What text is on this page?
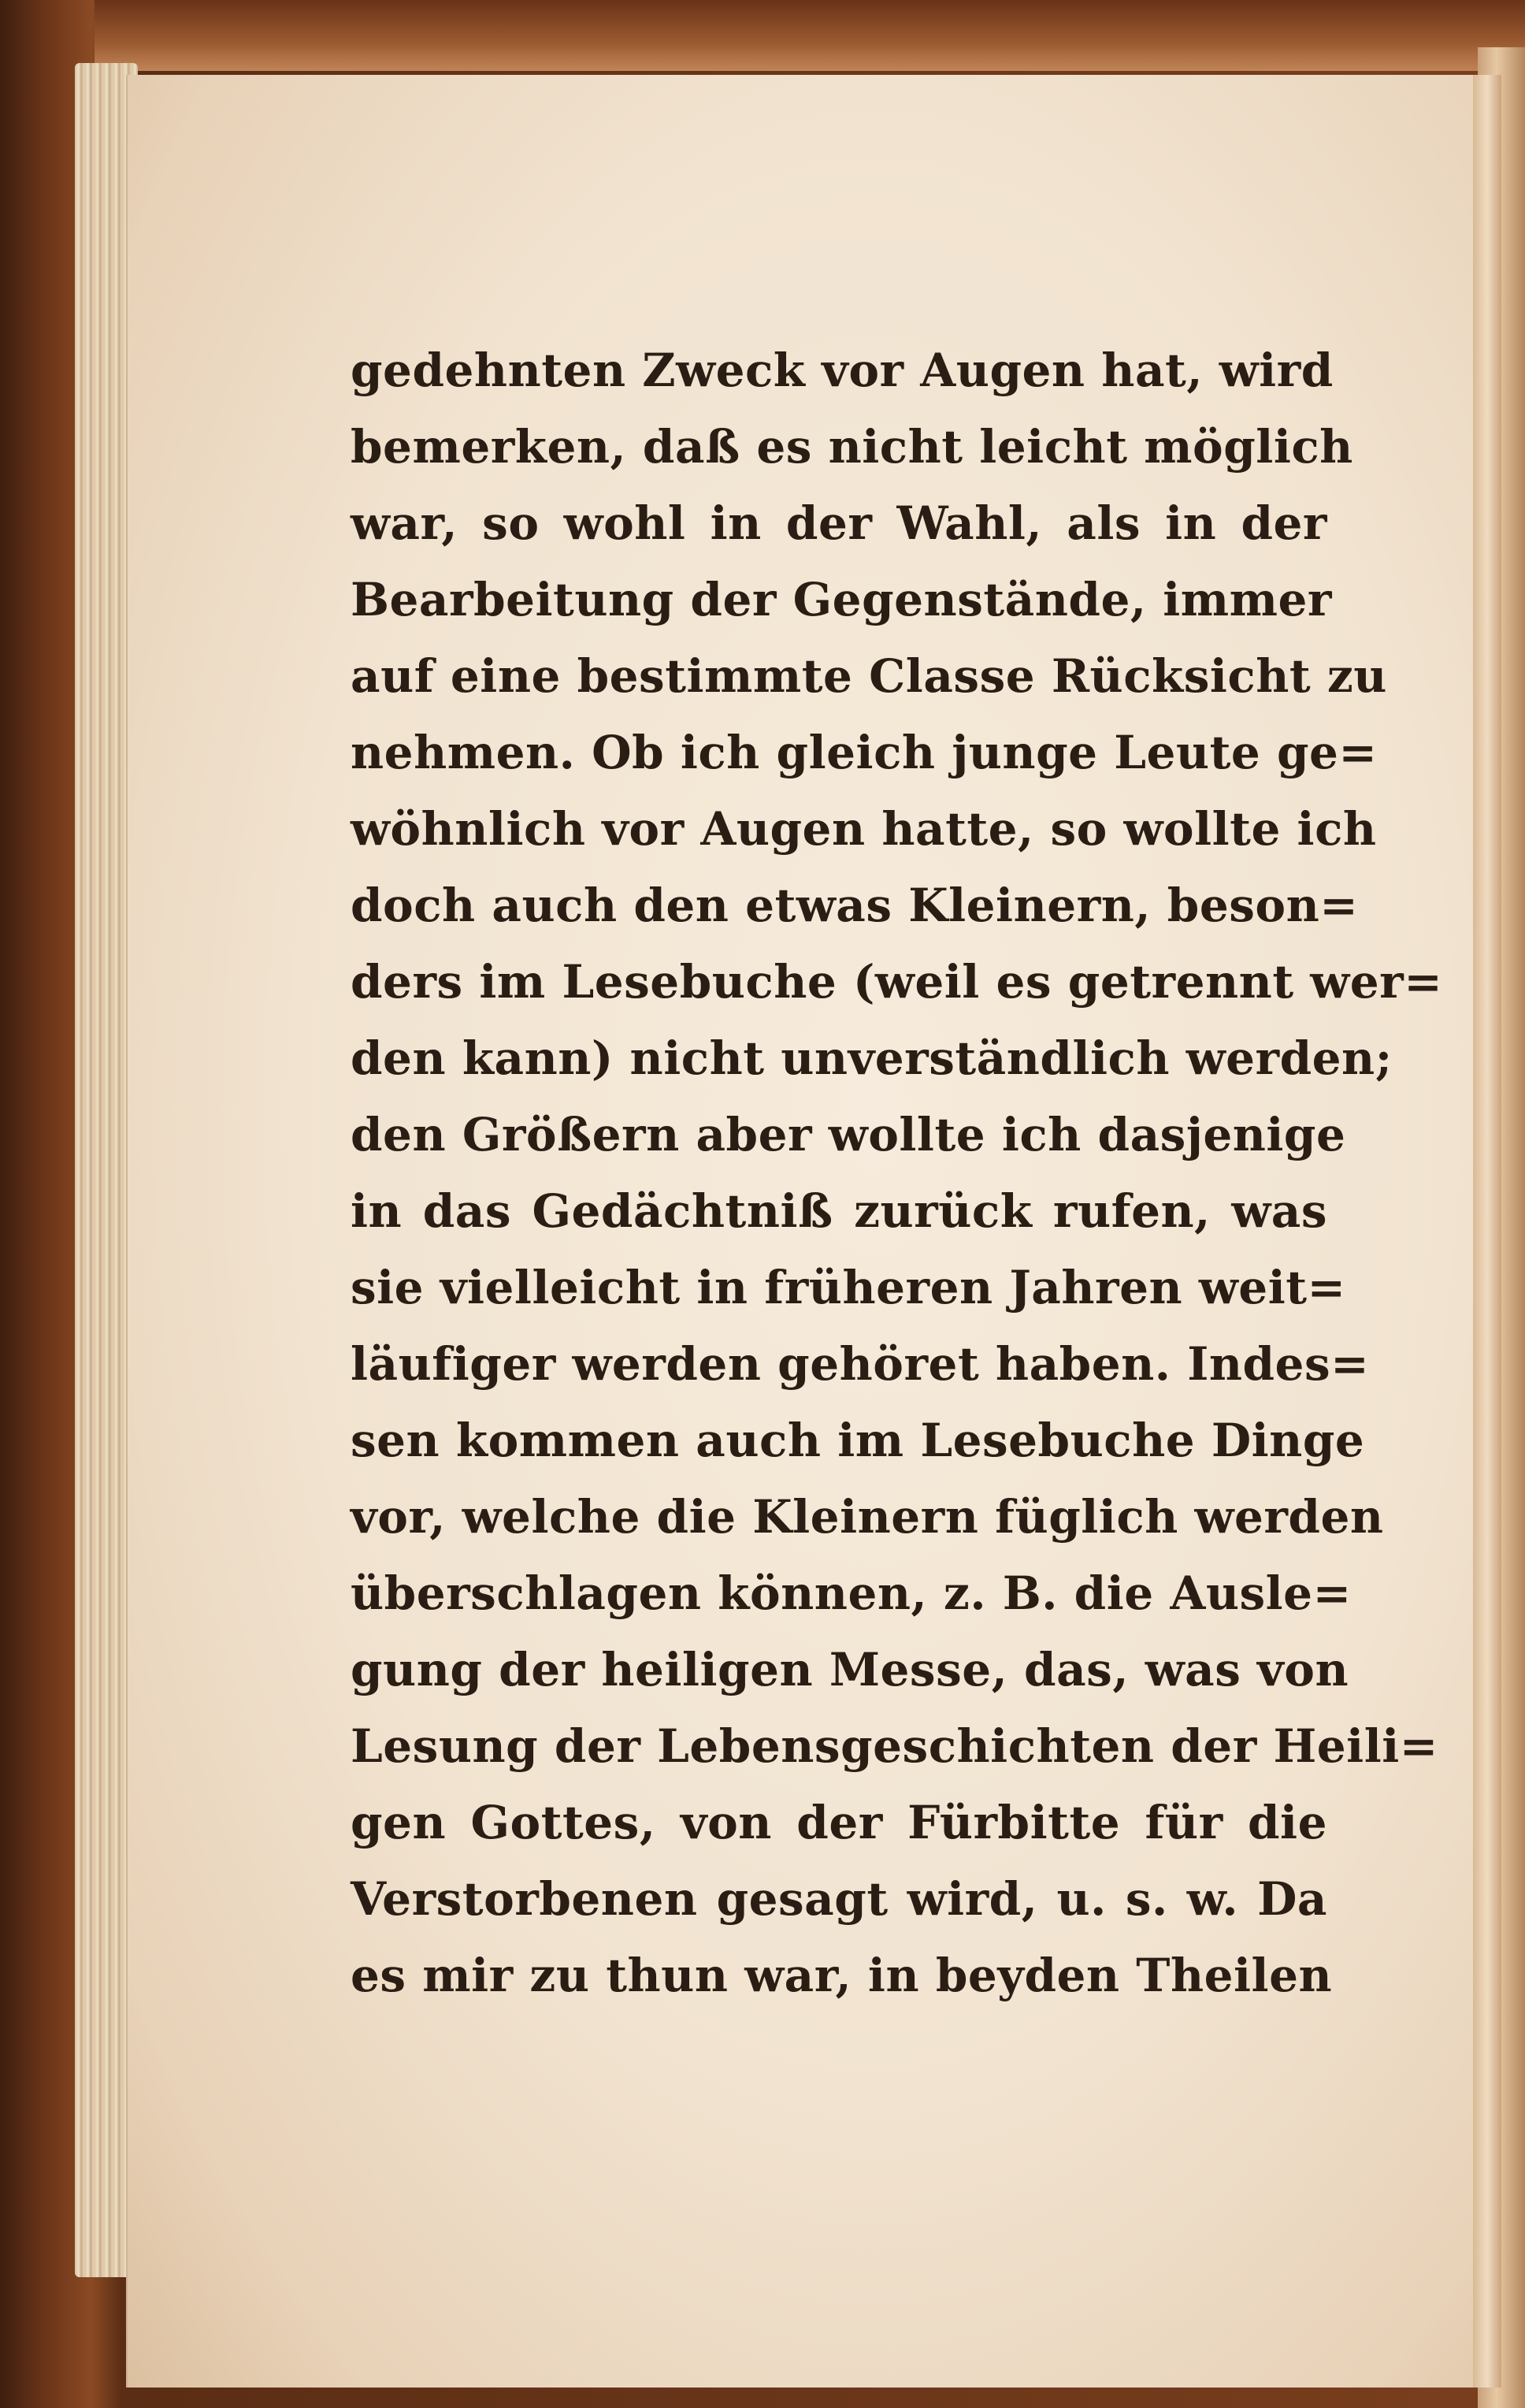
gedehnten Zweck vor Augen hat, wird
bemerken, daß es nicht leicht möglich
war, so wohl in der Wahl, als in der
Bearbeitung der Gegenstände, immer
auf eine bestimmte Classe Rücksicht zu
nehmen. Ob ich gleich junge Leute ge=
wöhnlich vor Augen hatte, so wollte ich
doch auch den etwas Kleinern, beson=
ders im Lesebuche (weil es getrennt wer=
den kann) nicht unverständlich werden;
den Größern aber wollte ich dasjenige
in das Gedächtniß zurück rufen, was
sie vielleicht in früheren Jahren weit=
läufiger werden gehöret haben. Indes=
sen kommen auch im Lesebuche Dinge
vor, welche die Kleinern füglich werden
überschlagen können, z. B. die Ausle=
gung der heiligen Messe, das, was von
Lesung der Lebensgeschichten der Heili=
gen Gottes, von der Fürbitte für die
Verstorbenen gesagt wird, u. s. w. Da
es mir zu thun war, in beyden Theilen
